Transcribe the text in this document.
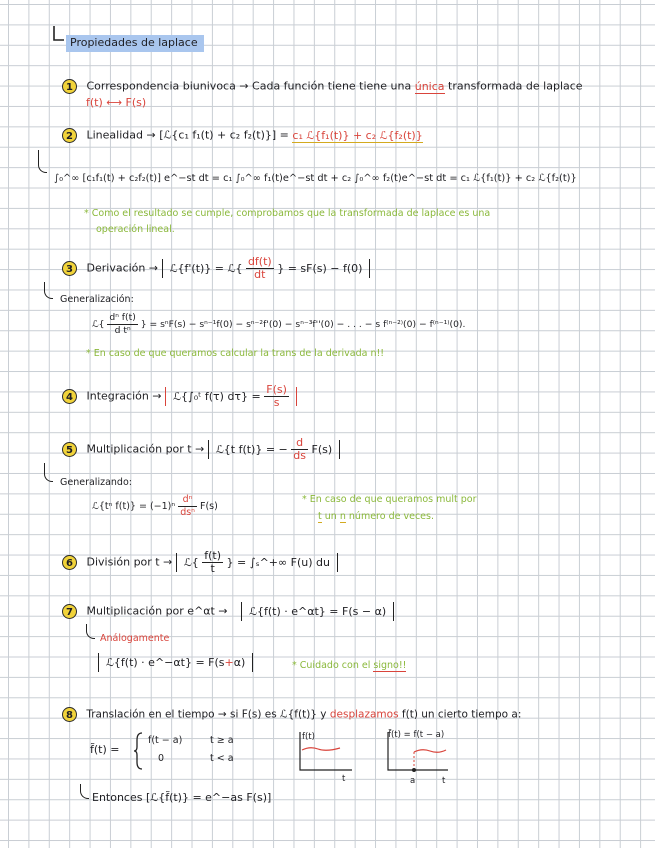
Propiedades de laplace
1 Correspondencia biunivoca → Cada función tiene tiene una única transformada de laplace
f(t) ⟷ F(s)
2 Linealidad → [ℒ{c₁ f₁(t) + c₂ f₂(t)}] = c₁ ℒ{f₁(t)} + c₂ ℒ{f₂(t)}
∫₀^∞ [c₁f₁(t) + c₂f₂(t)] e^−st dt = c₁ ∫₀^∞ f₁(t)e^−st dt + c₂ ∫₀^∞ f₂(t)e^−st dt = c₁ ℒ{f₁(t)} + c₂ ℒ{f₂(t)}
* Como el resultado se cumple, comprobamos que la transformada de laplace es una
operación lineal.
3 Derivación → ℒ{f'(t)} = ℒ{ $\frac{df(t)}{dt}$ } = sF(s) − f(0)
Generalización:
ℒ{ $\frac{\text{dⁿ f(t)}}{\text{d tⁿ}}$ } = sⁿF(s) − sⁿ⁻¹f(0) − sⁿ⁻²f'(0) − sⁿ⁻³f''(0) − . . . − s f⁽ⁿ⁻²⁾(0) − f⁽ⁿ⁻¹⁾(0).
* En caso de que queramos calcular la trans de la derivada n!!
4 Integración → ℒ{∫₀ᵗ f(τ) $d\tau\} = \frac{F(s)}{s}$
5 Multiplicación por t → ℒ{t f(t)} = − $\frac{d}{ds} F(s)$
Generalizando:
ℒ{tⁿ $f(t)\} = (-1)^n \frac{\text{dⁿ}}{\text{dsⁿ}} F(s)$
* En caso de que queramos mult por
t un n número de veces.
6 División por t → ℒ{ $\frac{f(t)}{t}$ } = ∫ₛ^+∞ F(u) du
7 Multiplicación por e^αt → ℒ{f(t) · e^αt} = F(s − α)
Análogamente
ℒ{f(t) · e^−αt} = F(s+α)	* Cuidado con el signo!!
8 Translación en el tiempo → si F(s) es ℒ{f(t)} y desplazamos f(t) un cierto tiempo a:
f̃(t) =
f(t − a)	t ≥ a
0	t < a
f(t)
t
f̃(t) = f(t − a)
a	t
Entonces [ℒ{f̃(t)} = e^−as F(s)]
